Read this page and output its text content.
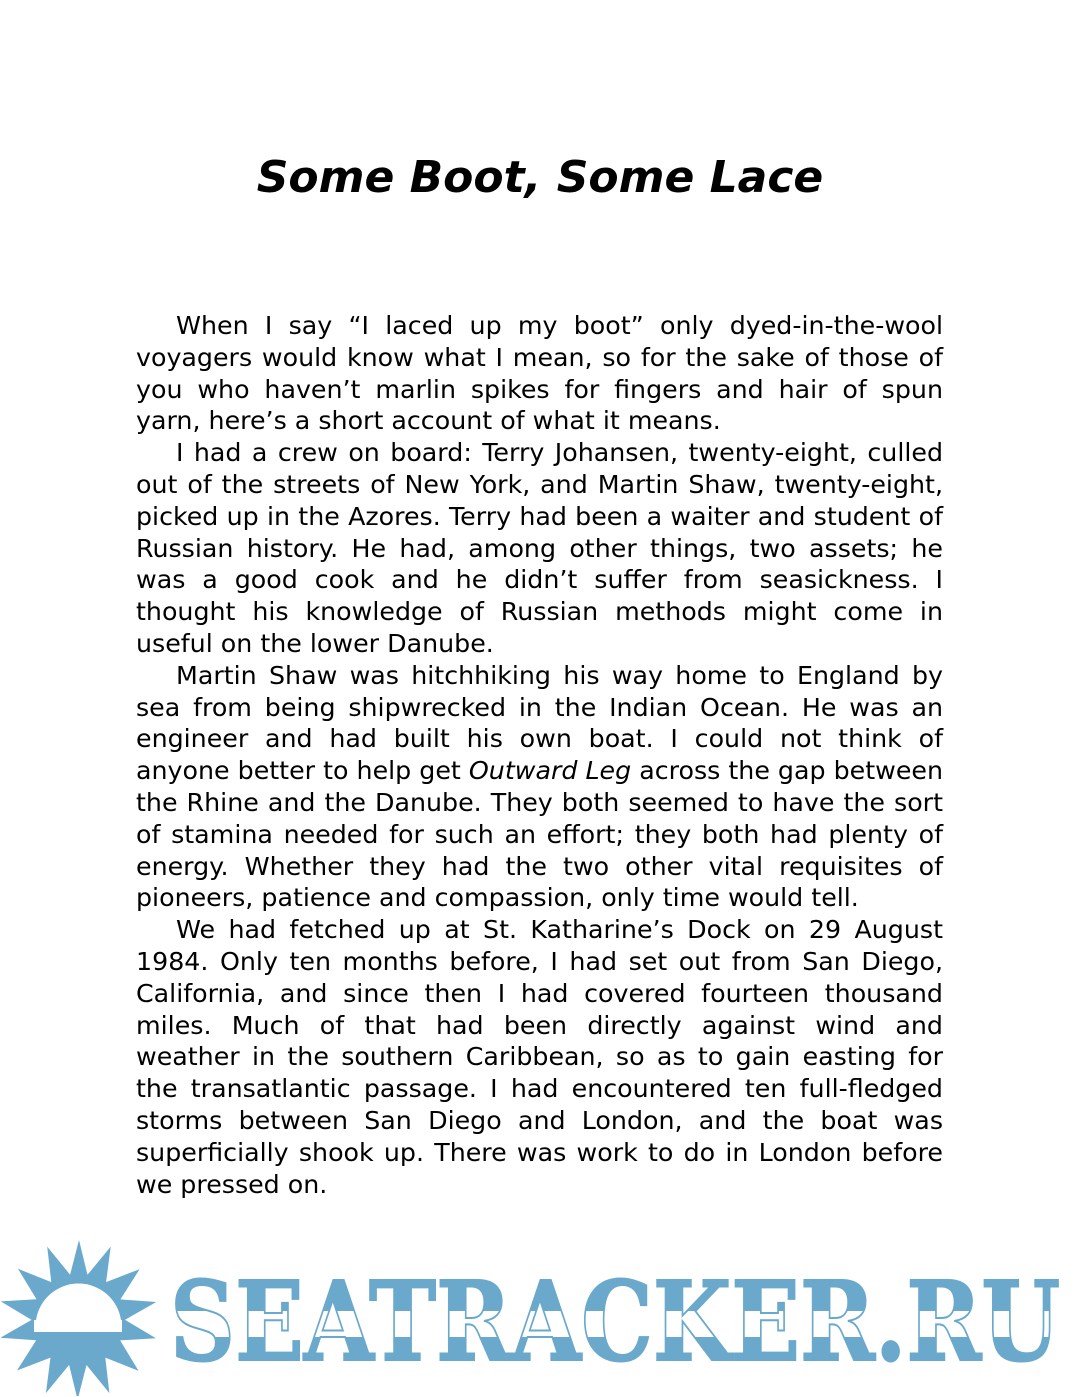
Some Boot, Some Lace

When I say “I laced up my boot” only dyed-in-the-wool voyagers would know what I mean, so for the sake of those of you who haven’t marlin spikes for fingers and hair of spun yarn, here’s a short account of what it means.

I had a crew on board: Terry Johansen, twenty-eight, culled out of the streets of New York, and Martin Shaw, twenty-eight, picked up in the Azores. Terry had been a waiter and student of Russian history. He had, among other things, two assets; he was a good cook and he didn’t suffer from seasickness. I thought his knowledge of Russian methods might come in useful on the lower Danube.

Martin Shaw was hitchhiking his way home to England by sea from being shipwrecked in the Indian Ocean. He was an engineer and had built his own boat. I could not think of anyone better to help get Outward Leg across the gap between the Rhine and the Danube. They both seemed to have the sort of stamina needed for such an effort; they both had plenty of energy. Whether they had the two other vital requisites of pioneers, patience and compassion, only time would tell.

We had fetched up at St. Katharine’s Dock on 29 August 1984. Only ten months before, I had set out from San Diego, California, and since then I had covered fourteen thousand miles. Much of that had been directly against wind and weather in the southern Caribbean, so as to gain easting for the transatlantic passage. I had encountered ten full-fledged storms between San Diego and London, and the boat was superficially shook up. There was work to do in London before we pressed on.

SEATRACKER.RU
